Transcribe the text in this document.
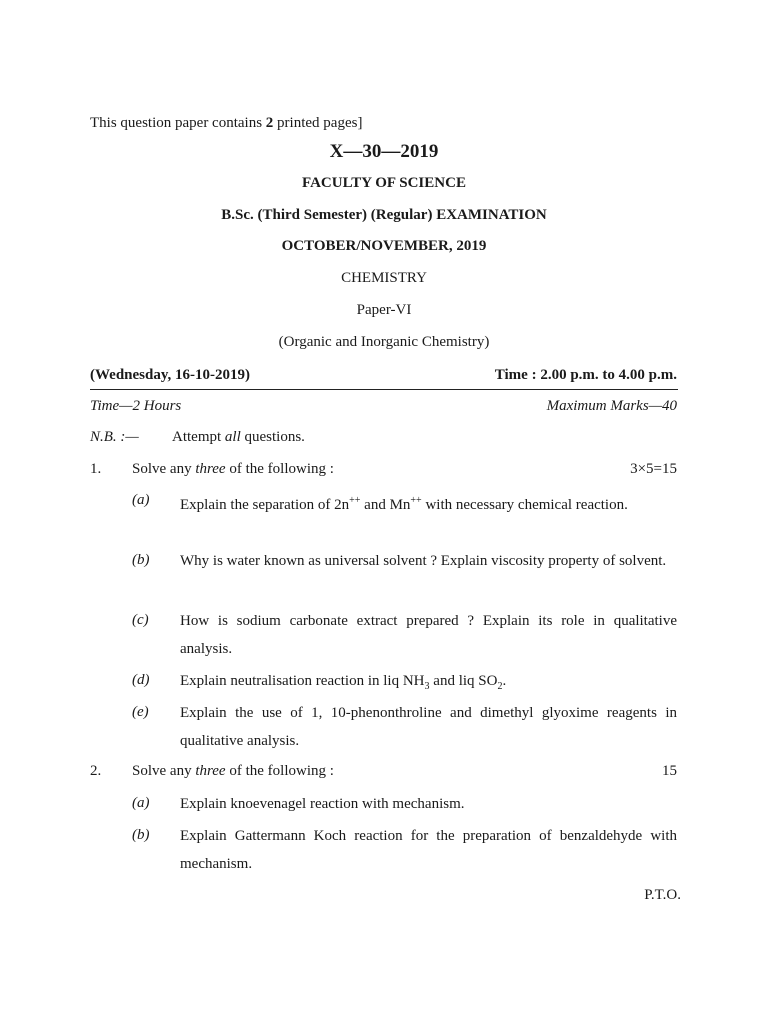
This question paper contains 2 printed pages]
X—30—2019
FACULTY OF SCIENCE
B.Sc. (Third Semester) (Regular) EXAMINATION
OCTOBER/NOVEMBER, 2019
CHEMISTRY
Paper-VI
(Organic and Inorganic Chemistry)
(Wednesday, 16-10-2019)	Time : 2.00 p.m. to 4.00 p.m.
Time—2 Hours	Maximum Marks—40
N.B. :— Attempt all questions.
1. Solve any three of the following :	3×5=15
(a) Explain the separation of 2n++ and Mn++ with necessary chemical reaction.
(b) Why is water known as universal solvent ? Explain viscosity property of solvent.
(c) How is sodium carbonate extract prepared ? Explain its role in qualitative analysis.
(d) Explain neutralisation reaction in liq $NH_3$ and liq $SO_2$.
(e) Explain the use of 1, 10-phenonthroline and dimethyl glyoxime reagents in qualitative analysis.
2. Solve any three of the following :	15
(a) Explain knoevenagel reaction with mechanism.
(b) Explain Gattermann Koch reaction for the preparation of benzaldehyde with mechanism.
P.T.O.
